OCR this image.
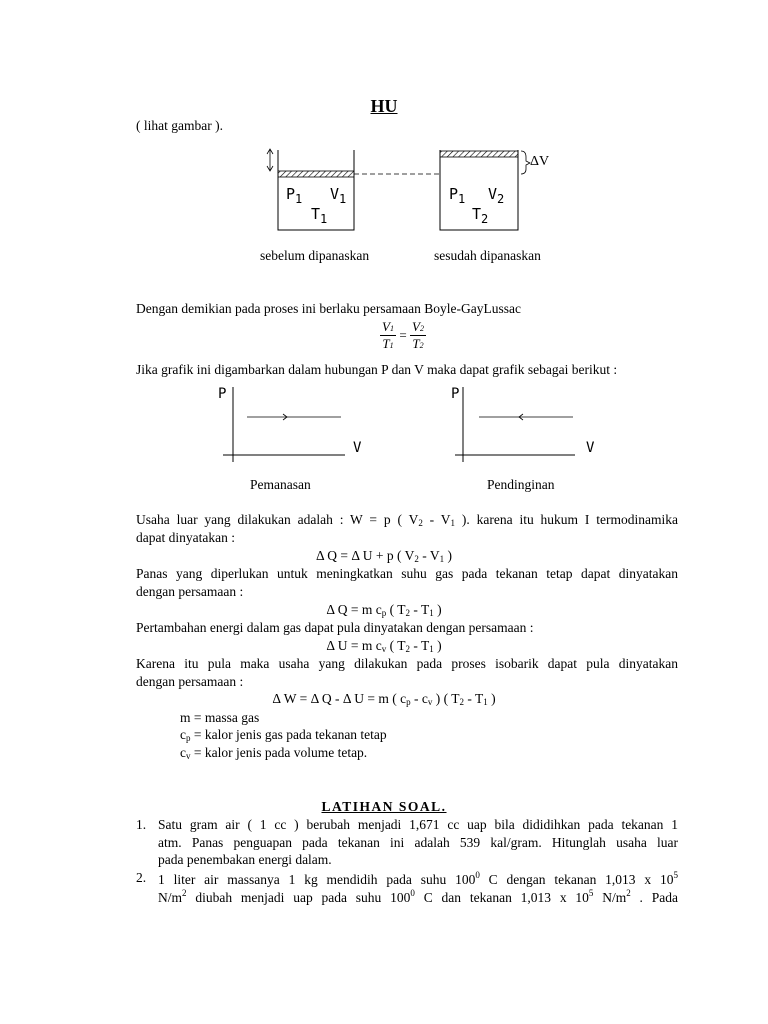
HU
( lihat gambar ).
$P_1$ $V_1$
$T_1$
$P_1$ $V_2$
$T_2$
ΔV
sebelum dipanaskan	sesudah dipanaskan
Dengan demikian pada proses ini berlaku persamaan Boyle-GayLussac
$\frac{V1}{T1} = \frac{V2}{T2}$
Jika grafik ini digambarkan dalam hubungan P dan V maka dapat grafik sebagai berikut :
P
V
P
V
Pemanasan	Pendinginan
Usaha luar yang dilakukan adalah : W = p ( $V_2 - V_1$ ). karena itu hukum I termodinamika
dapat dinyatakan :
Δ Q = Δ U + p ( $V_2 - V_1$ )
Panas yang diperlukan untuk meningkatkan suhu gas pada tekanan tetap dapat dinyatakan
dengan persamaan :
Δ Q = m $c_p$ ( $T_2 - T_1$ )
Pertambahan energi dalam gas dapat pula dinyatakan dengan persamaan :
Δ U = m $c_v$ ( $T_2 - T_1$ )
Karena itu pula maka usaha yang dilakukan pada proses isobarik dapat pula dinyatakan
dengan persamaan :
Δ W = Δ Q - Δ U = m ( $c_p - c_v$ ) ( $T_2 - T_1$ )
m = massa gas
$c_p$ = kalor jenis gas pada tekanan tetap
$c_v$ = kalor jenis pada volume tetap.
LATIHAN SOAL.
1. Satu gram air ( 1 cc ) berubah menjadi 1,671 cc uap bila dididihkan pada tekanan 1
atm. Panas penguapan pada tekanan ini adalah 539 kal/gram. Hitunglah usaha luar
pada penembakan energi dalam.
2. 1 liter air massanya 1 kg mendidih pada suhu $100^0$ C dengan tekanan 1,013 x $10^5$
$N/m^2$ diubah menjadi uap pada suhu $100^0$ C dan tekanan 1,013 x $10^5$ $N/m^2$ . Pada
